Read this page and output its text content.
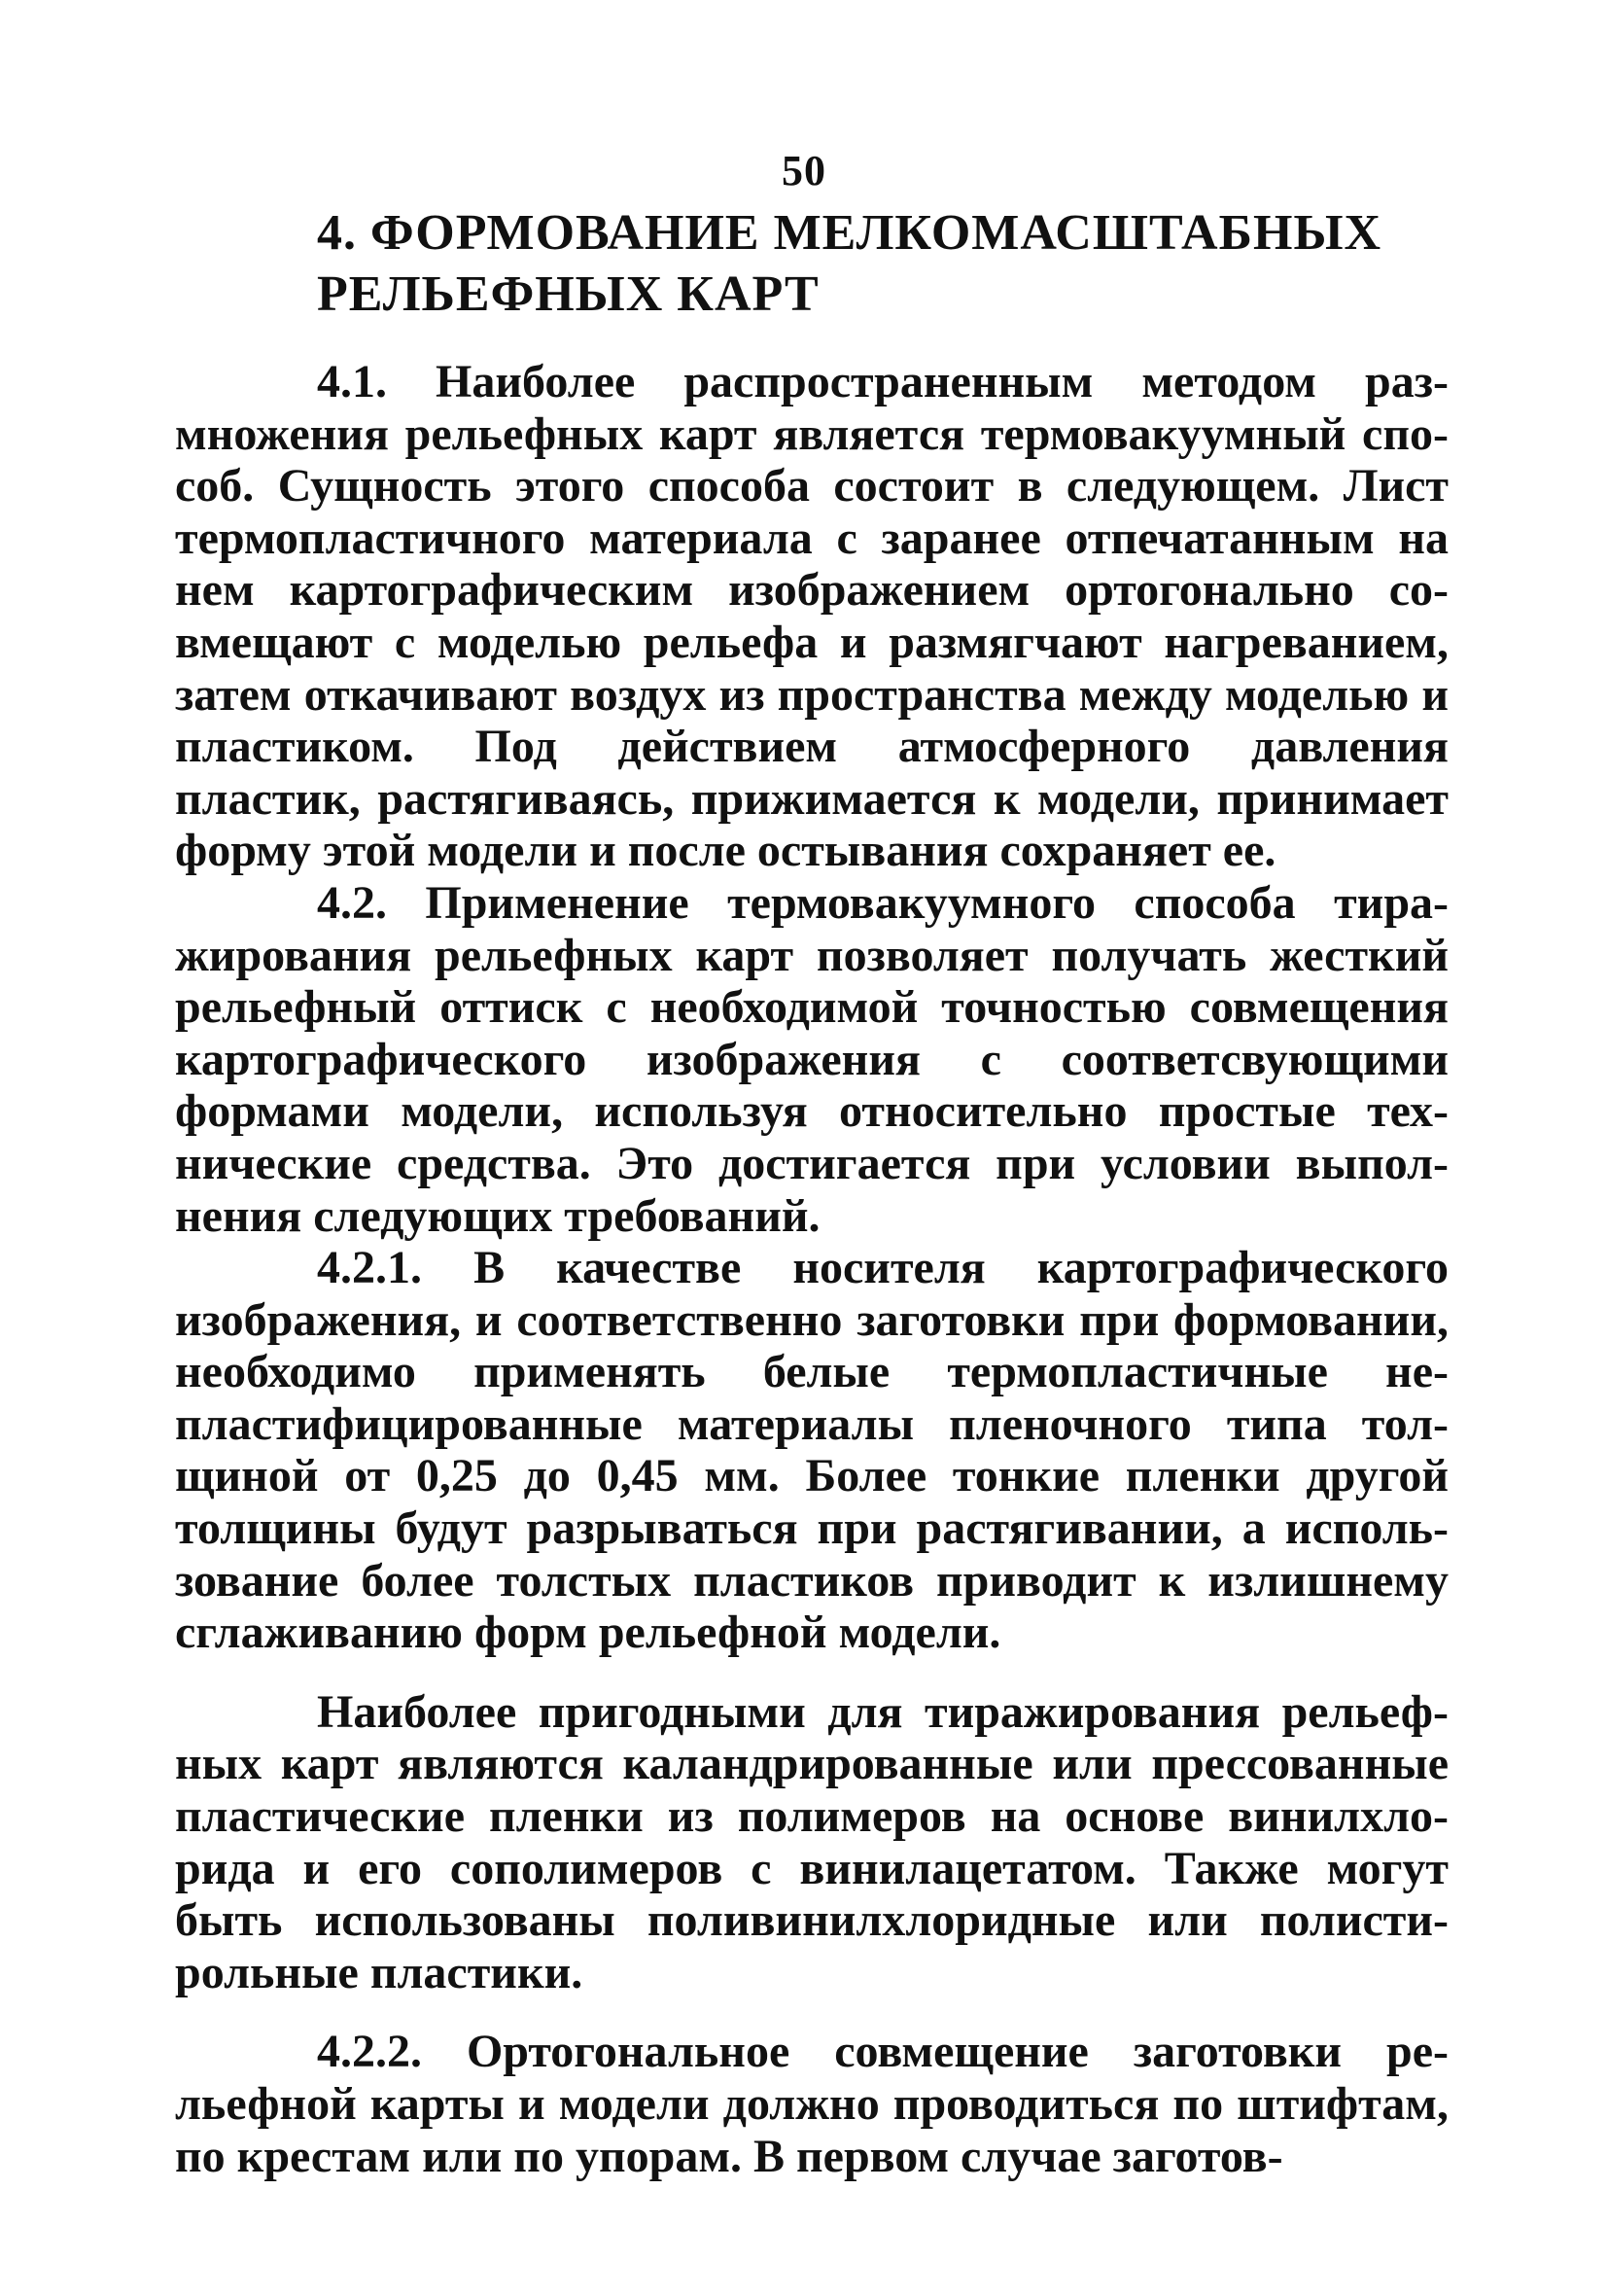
50
4. ФОРМОВАНИЕ МЕЛКОМАСШТАБНЫХ
РЕЛЬЕФНЫХ КАРТ

4.1. Наиболее распространенным методом размножения рельефных карт является термовакуумный способ. Сущность этого способа состоит в следующем. Лист термопластичного материала с заранее отпечатанным на нем картографическим изображением ортогонально совмещают с моделью рельефа и размягчают нагреванием, затем откачивают воздух из пространства между моделью и пластиком. Под действием атмосферного давления пластик, растягиваясь, прижимается к модели, принимает форму этой модели и после остывания сохраняет ее.

4.2. Применение термовакуумного способа тиражирования рельефных карт позволяет получать жесткий рельефный оттиск с необходимой точностью совмещения картографического изображения с соответсвующими формами модели, используя относительно простые технические средства. Это достигается при условии выполнения следующих требований.

4.2.1. В качестве носителя картографического изображения, и соответственно заготовки при формовании, необходимо применять белые термопластичные непластифицированные материалы пленочного типа толщиной от 0,25 до 0,45 мм. Более тонкие пленки другой толщины будут разрываться при растягивании, а использование более толстых пластиков приводит к излишнему сглаживанию форм рельефной модели.

Наиболее пригодными для тиражирования рельефных карт являются каландрированные или прессованные пластические пленки из полимеров на основе винилхлорида и его сополимеров с винилацетатом. Также могут быть использованы поливинилхлоридные или полистирольные пластики.

4.2.2. Ортогональное совмещение заготовки рельефной карты и модели должно проводиться по штифтам, по крестам или по упорам. В первом случае заготов-
